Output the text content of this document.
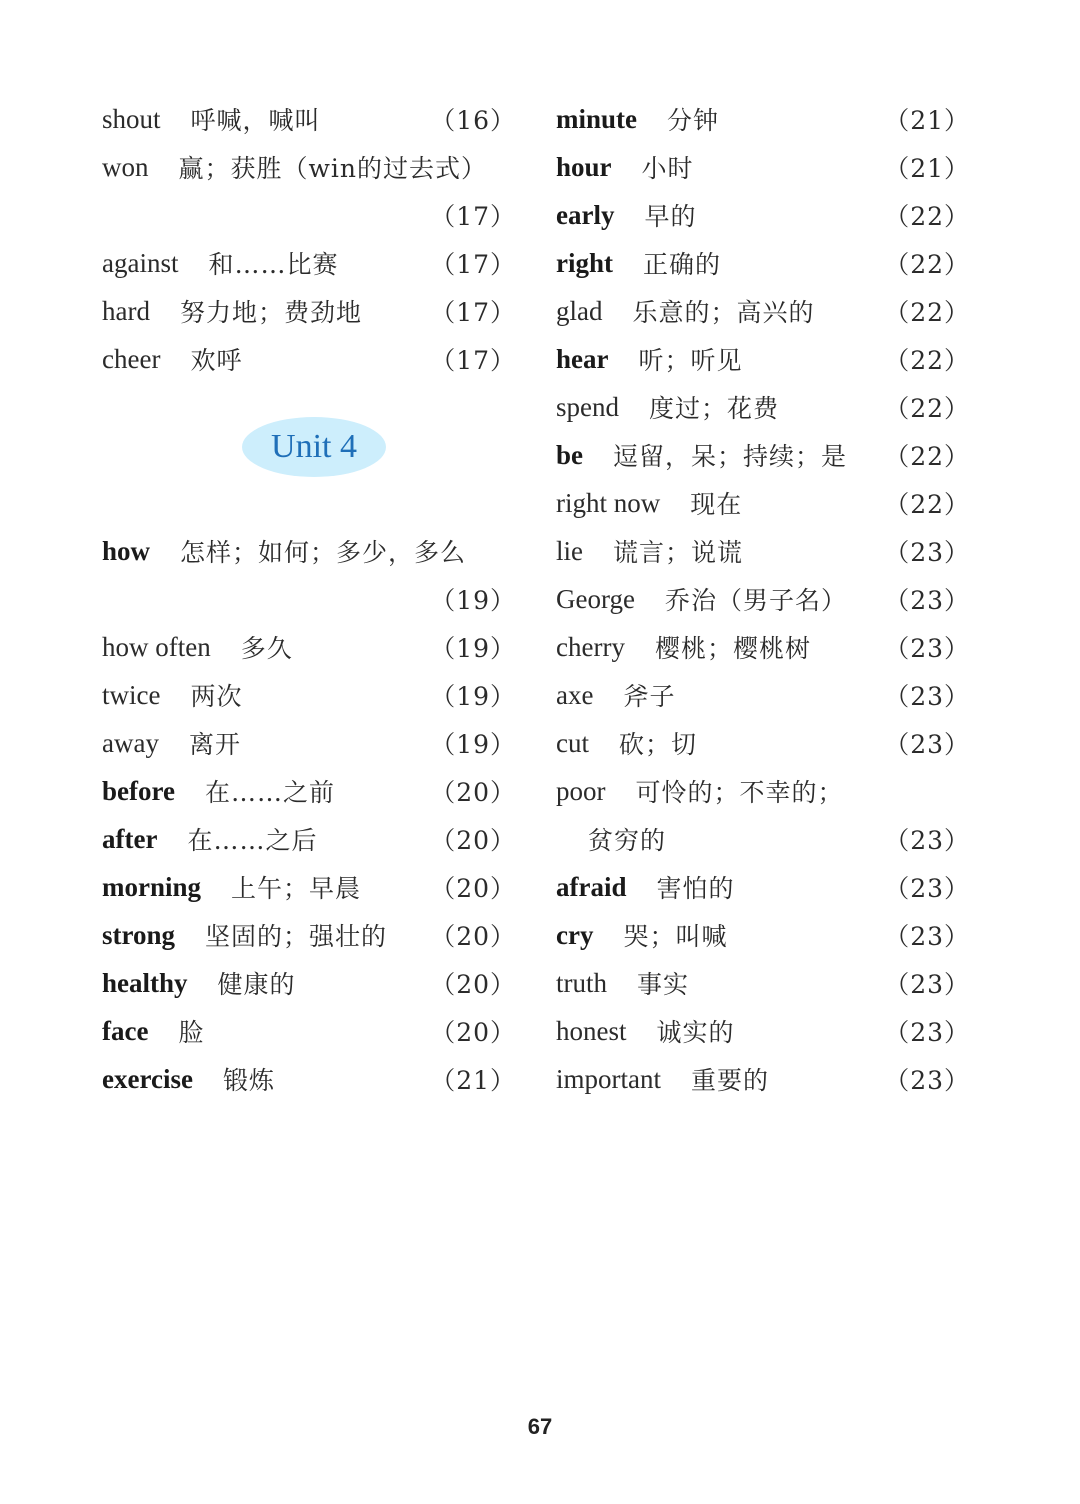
shout 呼喊，喊叫	（16）
won 赢；获胜（win的过去式）
（17）
against 和……比赛	（17）
hard 努力地；费劲地	（17）
cheer 欢呼	（17）
Unit 4
how 怎样；如何；多少，多么
（19）
how often 多久	（19）
twice 两次	（19）
away 离开	（19）
before 在……之前	（20）
after 在……之后	（20）
morning 上午；早晨	（20）
strong 坚固的；强壮的 （20）
healthy 健康的	（20）
face 脸	（20）
exercise 锻炼	（21）
minute 分钟	（21）
hour 小时	（21）
early 早的	（22）
right 正确的	（22）
glad 乐意的；高兴的	（22）
hear 听；听见	（22）
spend 度过；花费	（22）
be 逗留，呆；持续；是 （22）
right now 现在	（22）
lie 谎言；说谎	（23）
George 乔治（男子名） （23）
cherry 樱桃；樱桃树	（23）
axe 斧子	（23）
cut 砍；切	（23）
poor 可怜的；不幸的；
贫穷的	（23）
afraid 害怕的	（23）
cry 哭；叫喊	（23）
truth 事实	（23）
honest 诚实的	（23）
important 重要的	（23）
67
